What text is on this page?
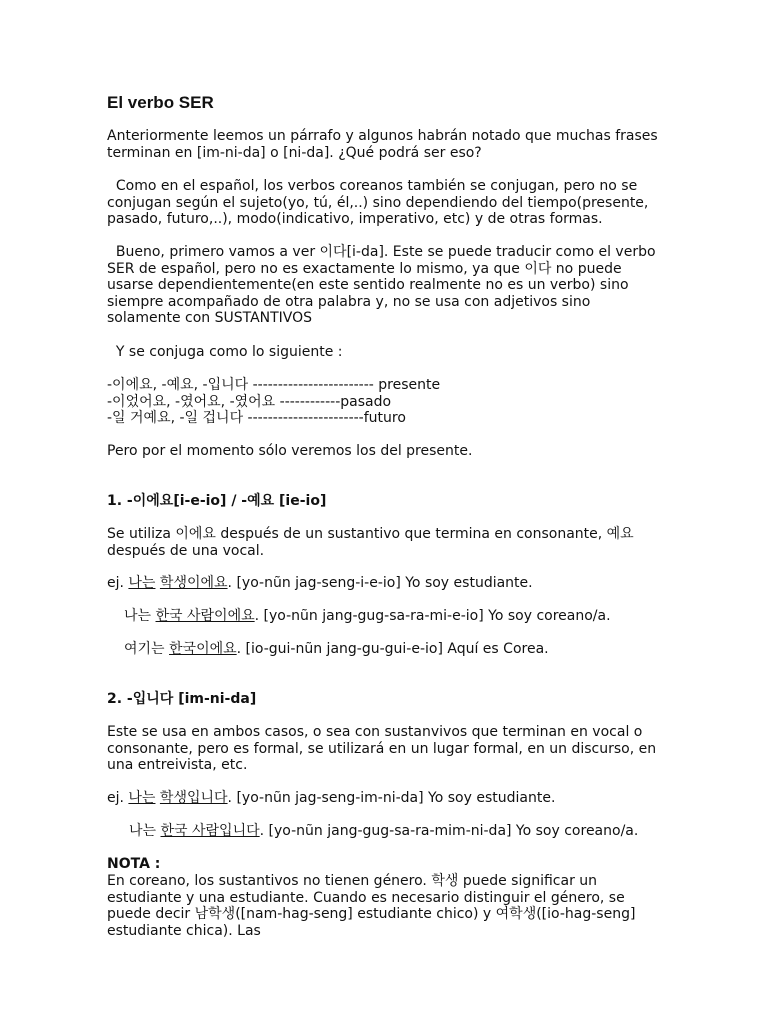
El verbo SER

Anteriormente leemos un párrafo y algunos habrán notado que muchas frases terminan en [im-ni-da] o [ni-da]. ¿Qué podrá ser eso?

Como en el español, los verbos coreanos también se conjugan, pero no se conjugan según el sujeto(yo, tú, él,..) sino dependiendo del tiempo(presente, pasado, futuro,..), modo(indicativo, imperativo, etc) y de otras formas.

Bueno, primero vamos a ver 이다[i-da]. Este se puede traducir como el verbo SER de español, pero no es exactamente lo mismo, ya que 이다 no puede usarse dependientemente(en este sentido realmente no es un verbo) sino siempre acompañado de otra palabra y, no se usa con adjetivos sino solamente con SUSTANTIVOS

Y se conjuga como lo siguiente :

-이에요, -예요, -입니다 ------------------------ presente
-이었어요, -였어요, -였어요 ------------pasado
-일 거예요, -일 겁니다 -----------------------futuro

Pero por el momento sólo veremos los del presente.

1. -이에요[i-e-io] / -예요 [ie-io]

Se utiliza 이에요 después de un sustantivo que termina en consonante, 예요 después de una vocal.

ej. 나는 학생이에요. [yo-nũn jag-seng-i-e-io] Yo soy estudiante.

나는 한국 사람이에요. [yo-nũn jang-gug-sa-ra-mi-e-io] Yo soy coreano/a.

여기는 한국이에요. [io-gui-nũn jang-gu-gui-e-io] Aquí es Corea.

2. -입니다 [im-ni-da]

Este se usa en ambos casos, o sea con sustanvivos que terminan en vocal o consonante, pero es formal, se utilizará en un lugar formal, en un discurso, en una entreivista, etc.

ej. 나는 학생입니다. [yo-nũn jag-seng-im-ni-da] Yo soy estudiante.

나는 한국 사람입니다. [yo-nũn jang-gug-sa-ra-mim-ni-da] Yo soy coreano/a.

NOTA :

En coreano, los sustantivos no tienen género. 학생 puede significar un estudiante y una estudiante. Cuando es necesario distinguir el género, se puede decir 남학생([nam-hag-seng] estudiante chico) y 여학생([io-hag-seng] estudiante chica). Las
